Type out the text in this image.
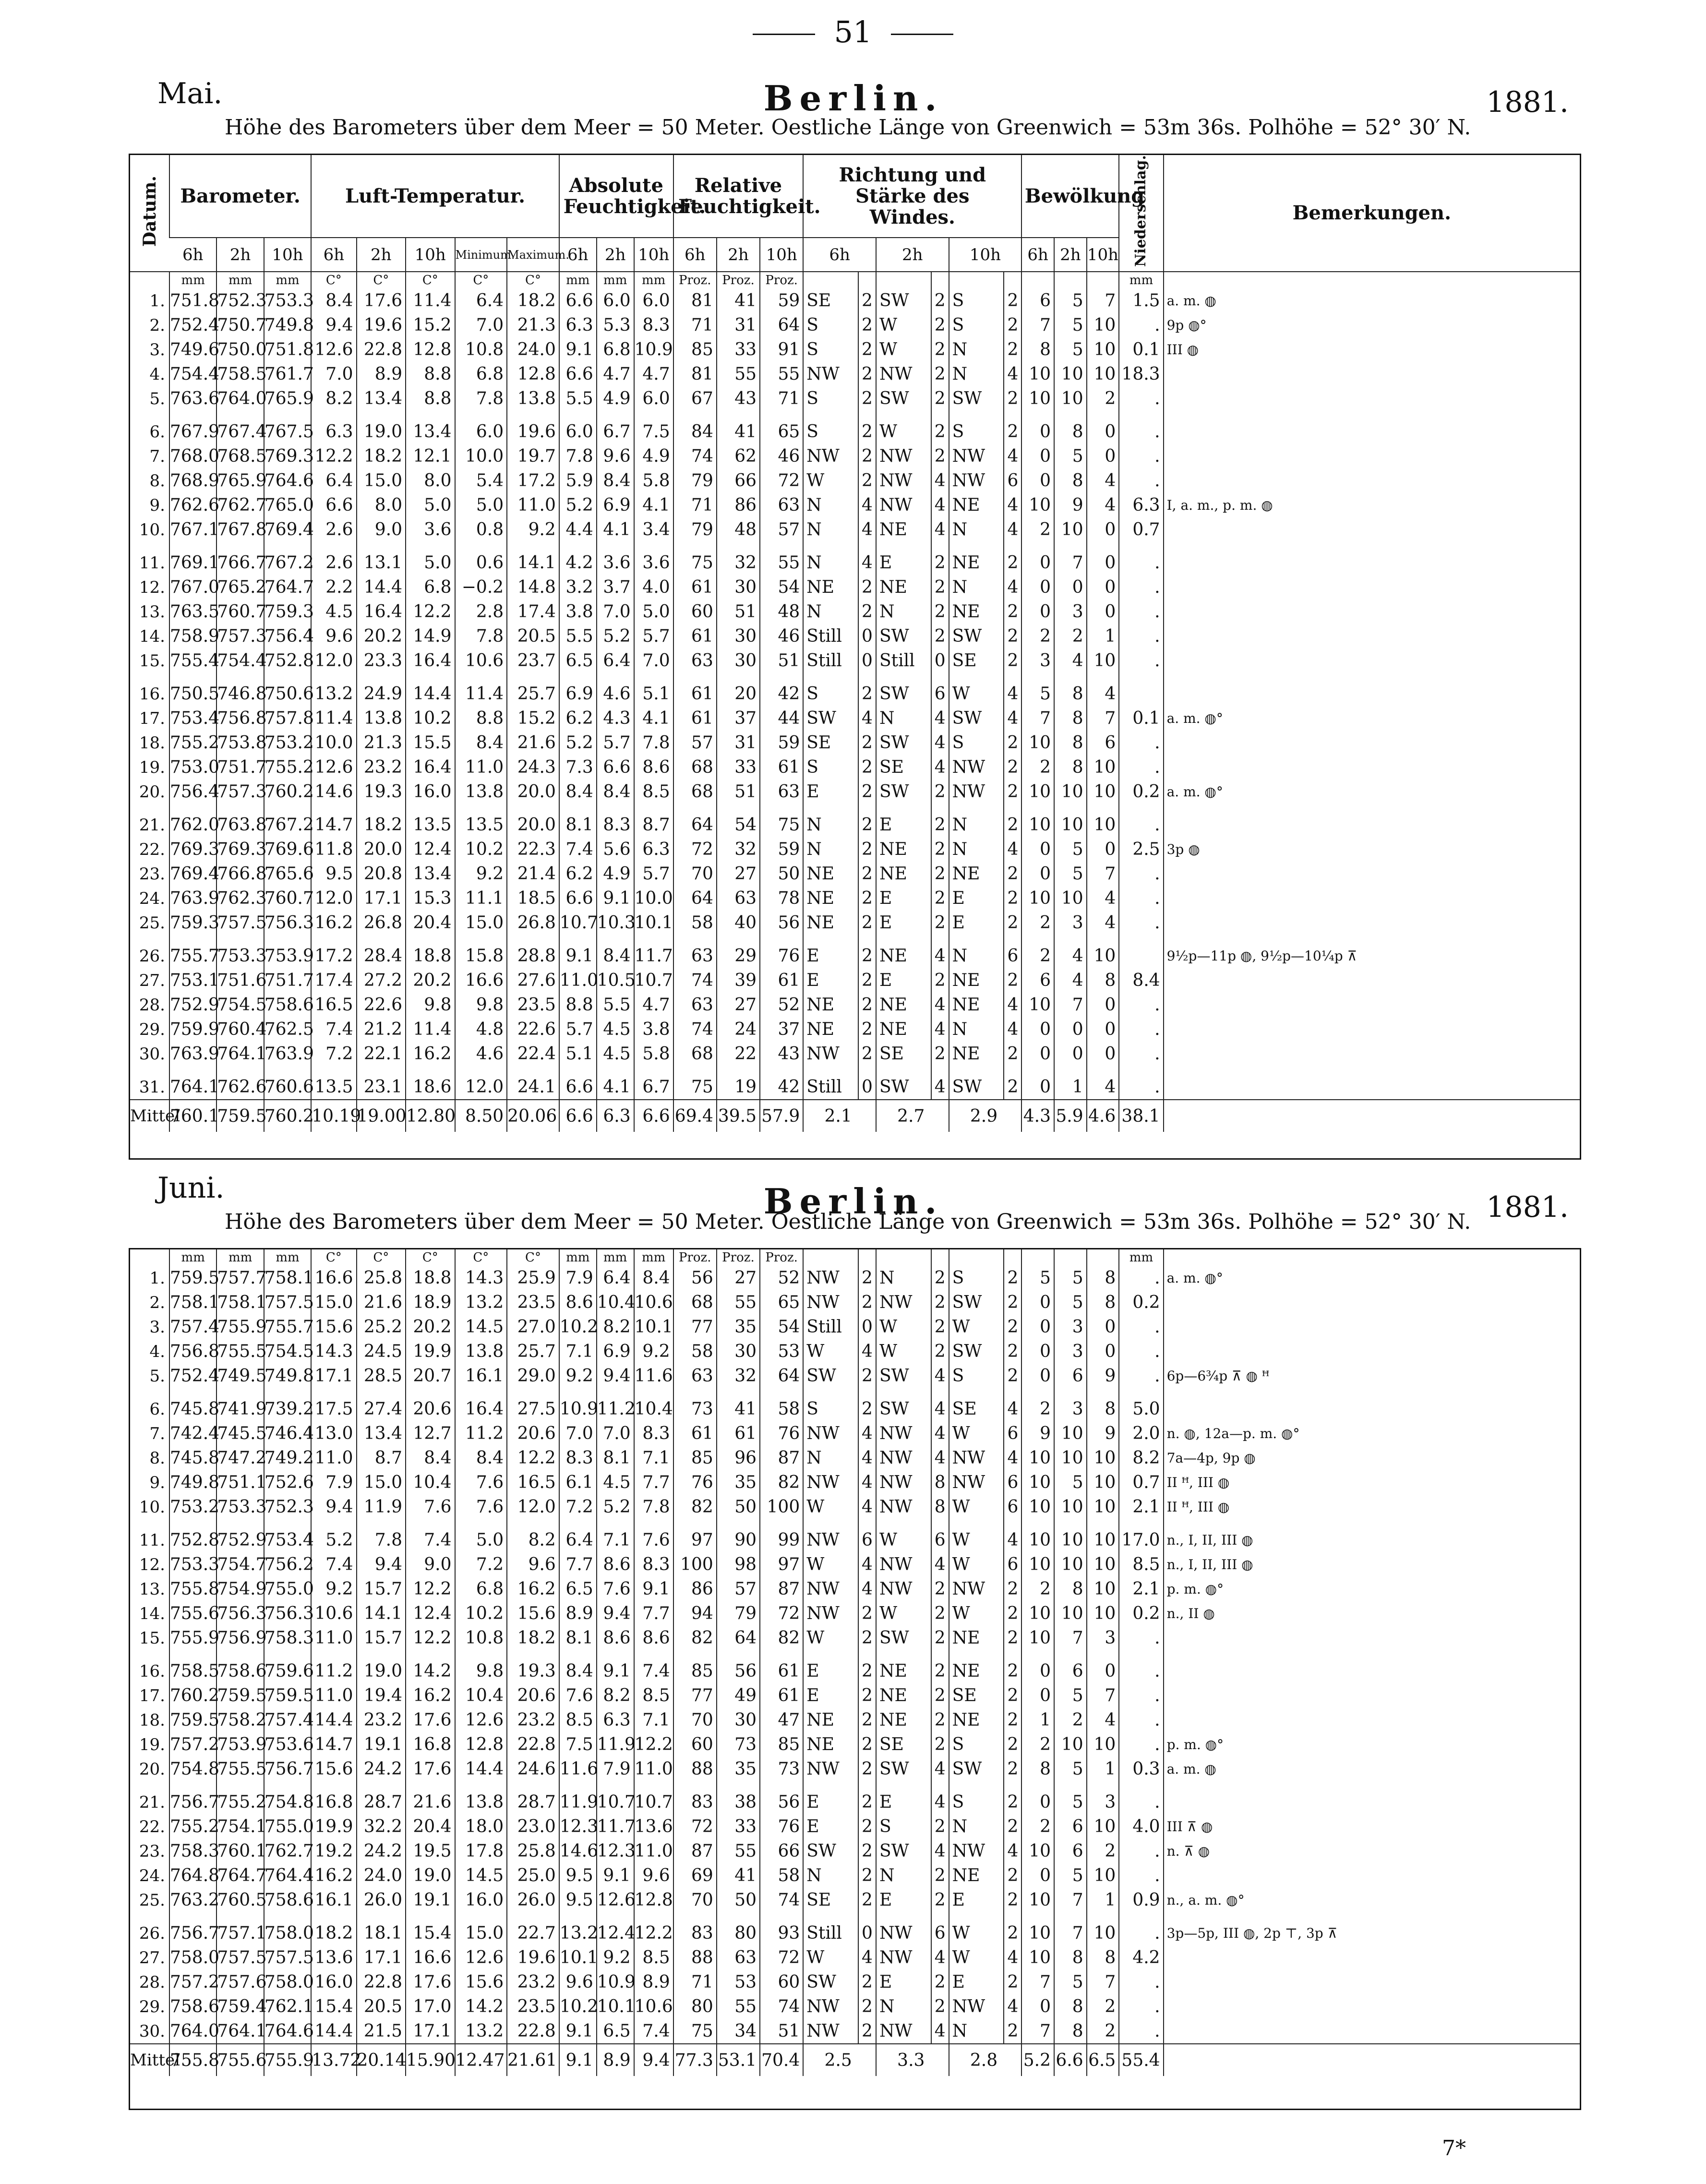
51
Mai.	Berlin.	1881.
Höhe des Barometers über dem Meer = 50 Meter. Oestliche Länge von Greenwich = 53m 36s. Polhöhe = 52° 30′ N.
Datum.	Barometer.			Luft-Temperatur.					Absolute Feuchtigkeit.			Relative Feuchtigkeit.			Richtung und Stärke des Windes.						Bewölkung			Niederschlag.	Bemerkungen.
	6h	2h	10h	6h	2h	10h	Minimum.	Maximum.	6h	2h	10h	6h	2h	10h	6h		2h		10h		6h	2h	10h		
	mm	mm	mm	C°	C°	C°	C°	C°	mm	mm	mm	Proz.	Proz.	Proz.										mm	
1.	751.8	752.3	753.3	8.4	17.6	11.4	6.4	18.2	6.6	6.0	6.0	81	41	59	SE	2	SW	2	S	2	6	5	7	1.5	a. m. ◍
2.	752.4	750.7	749.8	9.4	19.6	15.2	7.0	21.3	6.3	5.3	8.3	71	31	64	S	2	W	2	S	2	7	5	10	.	9p ◍°
3.	749.6	750.0	751.8	12.6	22.8	12.8	10.8	24.0	9.1	6.8	10.9	85	33	91	S	2	W	2	N	2	8	5	10	0.1	III ◍
4.	754.4	758.5	761.7	7.0	8.9	8.8	6.8	12.8	6.6	4.7	4.7	81	55	55	NW	2	NW	2	N	4	10	10	10	18.3	
5.	763.6	764.0	765.9	8.2	13.4	8.8	7.8	13.8	5.5	4.9	6.0	67	43	71	S	2	SW	2	SW	2	10	10	2	.	

6.	767.9	767.4	767.5	6.3	19.0	13.4	6.0	19.6	6.0	6.7	7.5	84	41	65	S	2	W	2	S	2	0	8	0	.	
7.	768.0	768.5	769.3	12.2	18.2	12.1	10.0	19.7	7.8	9.6	4.9	74	62	46	NW	2	NW	2	NW	4	0	5	0	.	
8.	768.9	765.9	764.6	6.4	15.0	8.0	5.4	17.2	5.9	8.4	5.8	79	66	72	W	2	NW	4	NW	6	0	8	4	.	
9.	762.6	762.7	765.0	6.6	8.0	5.0	5.0	11.0	5.2	6.9	4.1	71	86	63	N	4	NW	4	NE	4	10	9	4	6.3	I, a. m., p. m. ◍
10.	767.1	767.8	769.4	2.6	9.0	3.6	0.8	9.2	4.4	4.1	3.4	79	48	57	N	4	NE	4	N	4	2	10	0	0.7	

11.	769.1	766.7	767.2	2.6	13.1	5.0	0.6	14.1	4.2	3.6	3.6	75	32	55	N	4	E	2	NE	2	0	7	0	.	
12.	767.0	765.2	764.7	2.2	14.4	6.8	−0.2	14.8	3.2	3.7	4.0	61	30	54	NE	2	NE	2	N	4	0	0	0	.	
13.	763.5	760.7	759.3	4.5	16.4	12.2	2.8	17.4	3.8	7.0	5.0	60	51	48	N	2	N	2	NE	2	0	3	0	.	
14.	758.9	757.3	756.4	9.6	20.2	14.9	7.8	20.5	5.5	5.2	5.7	61	30	46	Still	0	SW	2	SW	2	2	2	1	.	
15.	755.4	754.4	752.8	12.0	23.3	16.4	10.6	23.7	6.5	6.4	7.0	63	30	51	Still	0	Still	0	SE	2	3	4	10	.	

16.	750.5	746.8	750.6	13.2	24.9	14.4	11.4	25.7	6.9	4.6	5.1	61	20	42	S	2	SW	6	W	4	5	8	4		
17.	753.4	756.8	757.8	11.4	13.8	10.2	8.8	15.2	6.2	4.3	4.1	61	37	44	SW	4	N	4	SW	4	7	8	7	0.1	a. m. ◍°
18.	755.2	753.8	753.2	10.0	21.3	15.5	8.4	21.6	5.2	5.7	7.8	57	31	59	SE	2	SW	4	S	2	10	8	6	.	
19.	753.0	751.7	755.2	12.6	23.2	16.4	11.0	24.3	7.3	6.6	8.6	68	33	61	S	2	SE	4	NW	2	2	8	10	.	
20.	756.4	757.3	760.2	14.6	19.3	16.0	13.8	20.0	8.4	8.4	8.5	68	51	63	E	2	SW	2	NW	2	10	10	10	0.2	a. m. ◍°

21.	762.0	763.8	767.2	14.7	18.2	13.5	13.5	20.0	8.1	8.3	8.7	64	54	75	N	2	E	2	N	2	10	10	10	.	
22.	769.3	769.3	769.6	11.8	20.0	12.4	10.2	22.3	7.4	5.6	6.3	72	32	59	N	2	NE	2	N	4	0	5	0	2.5	3p ◍
23.	769.4	766.8	765.6	9.5	20.8	13.4	9.2	21.4	6.2	4.9	5.7	70	27	50	NE	2	NE	2	NE	2	0	5	7	.	
24.	763.9	762.3	760.7	12.0	17.1	15.3	11.1	18.5	6.6	9.1	10.0	64	63	78	NE	2	E	2	E	2	10	10	4	.	
25.	759.3	757.5	756.3	16.2	26.8	20.4	15.0	26.8	10.7	10.3	10.1	58	40	56	NE	2	E	2	E	2	2	3	4	.	

26.	755.7	753.3	753.9	17.2	28.4	18.8	15.8	28.8	9.1	8.4	11.7	63	29	76	E	2	NE	4	N	6	2	4	10		9½p—11p ◍, 9½p—10¼p ⊼
27.	753.1	751.6	751.7	17.4	27.2	20.2	16.6	27.6	11.0	10.5	10.7	74	39	61	E	2	E	2	NE	2	6	4	8	8.4	
28.	752.9	754.5	758.6	16.5	22.6	9.8	9.8	23.5	8.8	5.5	4.7	63	27	52	NE	2	NE	4	NE	4	10	7	0	.	
29.	759.9	760.4	762.5	7.4	21.2	11.4	4.8	22.6	5.7	4.5	3.8	74	24	37	NE	2	NE	4	N	4	0	0	0	.	
30.	763.9	764.1	763.9	7.2	22.1	16.2	4.6	22.4	5.1	4.5	5.8	68	22	43	NW	2	SE	2	NE	2	0	0	0	.	

31.	764.1	762.6	760.6	13.5	23.1	18.6	12.0	24.1	6.6	4.1	6.7	75	19	42	Still	0	SW	4	SW	2	0	1	4	.	
Mittel	760.1	759.5	760.2	10.19	19.00	12.80	8.50	20.06	6.6	6.3	6.6	69.4	39.5	57.9	2.1		2.7		2.9		4.3	5.9	4.6	38.1	

Juni.	Berlin.	1881.
Höhe des Barometers über dem Meer = 50 Meter. Oestliche Länge von Greenwich = 53m 36s. Polhöhe = 52° 30′ N.
	mm	mm	mm	C°	C°	C°	C°	C°	mm	mm	mm	Proz.	Proz.	Proz.										mm	
1.	759.5	757.7	758.1	16.6	25.8	18.8	14.3	25.9	7.9	6.4	8.4	56	27	52	NW	2	N	2	S	2	5	5	8	.	a. m. ◍°
2.	758.1	758.1	757.5	15.0	21.6	18.9	13.2	23.5	8.6	10.4	10.6	68	55	65	NW	2	NW	2	SW	2	0	5	8	0.2	
3.	757.4	755.9	755.7	15.6	25.2	20.2	14.5	27.0	10.2	8.2	10.1	77	35	54	Still	0	W	2	W	2	0	3	0	.	
4.	756.8	755.5	754.5	14.3	24.5	19.9	13.8	25.7	7.1	6.9	9.2	58	30	53	W	4	W	2	SW	2	0	3	0	.	
5.	752.4	749.5	749.8	17.1	28.5	20.7	16.1	29.0	9.2	9.4	11.6	63	32	64	SW	2	SW	4	S	2	0	6	9	.	6p—6¾p ⊼ ◍ ꟸ

6.	745.8	741.9	739.2	17.5	27.4	20.6	16.4	27.5	10.9	11.2	10.4	73	41	58	S	2	SW	4	SE	4	2	3	8	5.0	
7.	742.4	745.5	746.4	13.0	13.4	12.7	11.2	20.6	7.0	7.0	8.3	61	61	76	NW	4	NW	4	W	6	9	10	9	2.0	n. ◍, 12a—p. m. ◍°
8.	745.8	747.2	749.2	11.0	8.7	8.4	8.4	12.2	8.3	8.1	7.1	85	96	87	N	4	NW	4	NW	4	10	10	10	8.2	7a—4p, 9p ◍
9.	749.8	751.1	752.6	7.9	15.0	10.4	7.6	16.5	6.1	4.5	7.7	76	35	82	NW	4	NW	8	NW	6	10	5	10	0.7	II ꟸ, III ◍
10.	753.2	753.3	752.3	9.4	11.9	7.6	7.6	12.0	7.2	5.2	7.8	82	50	100	W	4	NW	8	W	6	10	10	10	2.1	II ꟸ, III ◍

11.	752.8	752.9	753.4	5.2	7.8	7.4	5.0	8.2	6.4	7.1	7.6	97	90	99	NW	6	W	6	W	4	10	10	10	17.0	n., I, II, III ◍
12.	753.3	754.7	756.2	7.4	9.4	9.0	7.2	9.6	7.7	8.6	8.3	100	98	97	W	4	NW	4	W	6	10	10	10	8.5	n., I, II, III ◍
13.	755.8	754.9	755.0	9.2	15.7	12.2	6.8	16.2	6.5	7.6	9.1	86	57	87	NW	4	NW	2	NW	2	2	8	10	2.1	p. m. ◍°
14.	755.6	756.3	756.3	10.6	14.1	12.4	10.2	15.6	8.9	9.4	7.7	94	79	72	NW	2	W	2	W	2	10	10	10	0.2	n., II ◍
15.	755.9	756.9	758.3	11.0	15.7	12.2	10.8	18.2	8.1	8.6	8.6	82	64	82	W	2	SW	2	NE	2	10	7	3	.	

16.	758.5	758.6	759.6	11.2	19.0	14.2	9.8	19.3	8.4	9.1	7.4	85	56	61	E	2	NE	2	NE	2	0	6	0	.	
17.	760.2	759.5	759.5	11.0	19.4	16.2	10.4	20.6	7.6	8.2	8.5	77	49	61	E	2	NE	2	SE	2	0	5	7	.	
18.	759.5	758.2	757.4	14.4	23.2	17.6	12.6	23.2	8.5	6.3	7.1	70	30	47	NE	2	NE	2	NE	2	1	2	4	.	
19.	757.2	753.9	753.6	14.7	19.1	16.8	12.8	22.8	7.5	11.9	12.2	60	73	85	NE	2	SE	2	S	2	2	10	10	.	p. m. ◍°
20.	754.8	755.5	756.7	15.6	24.2	17.6	14.4	24.6	11.6	7.9	11.0	88	35	73	NW	2	SW	4	SW	2	8	5	1	0.3	a. m. ◍

21.	756.7	755.2	754.8	16.8	28.7	21.6	13.8	28.7	11.9	10.7	10.7	83	38	56	E	2	E	4	S	2	0	5	3	.	
22.	755.2	754.1	755.0	19.9	32.2	20.4	18.0	23.0	12.3	11.7	13.6	72	33	76	E	2	S	2	N	2	2	6	10	4.0	III ⊼ ◍
23.	758.3	760.1	762.7	19.2	24.2	19.5	17.8	25.8	14.6	12.3	11.0	87	55	66	SW	2	SW	4	NW	4	10	6	2	.	n. ⊼ ◍
24.	764.8	764.7	764.4	16.2	24.0	19.0	14.5	25.0	9.5	9.1	9.6	69	41	58	N	2	N	2	NE	2	0	5	10	.	
25.	763.2	760.5	758.6	16.1	26.0	19.1	16.0	26.0	9.5	12.6	12.8	70	50	74	SE	2	E	2	E	2	10	7	1	0.9	n., a. m. ◍°

26.	756.7	757.1	758.0	18.2	18.1	15.4	15.0	22.7	13.2	12.4	12.2	83	80	93	Still	0	NW	6	W	2	10	7	10	.	3p—5p, III ◍, 2p ⊤, 3p ⊼
27.	758.0	757.5	757.5	13.6	17.1	16.6	12.6	19.6	10.1	9.2	8.5	88	63	72	W	4	NW	4	W	4	10	8	8	4.2	
28.	757.2	757.6	758.0	16.0	22.8	17.6	15.6	23.2	9.6	10.9	8.9	71	53	60	SW	2	E	2	E	2	7	5	7	.	
29.	758.6	759.4	762.1	15.4	20.5	17.0	14.2	23.5	10.2	10.1	10.6	80	55	74	NW	2	N	2	NW	4	0	8	2	.	
30.	764.0	764.1	764.6	14.4	21.5	17.1	13.2	22.8	9.1	6.5	7.4	75	34	51	NW	2	NW	4	N	2	7	8	2	.	
Mittel	755.8	755.6	755.9	13.72	20.14	15.90	12.47	21.61	9.1	8.9	9.4	77.3	53.1	70.4	2.5		3.3		2.8		5.2	6.6	6.5	55.4	

7*
